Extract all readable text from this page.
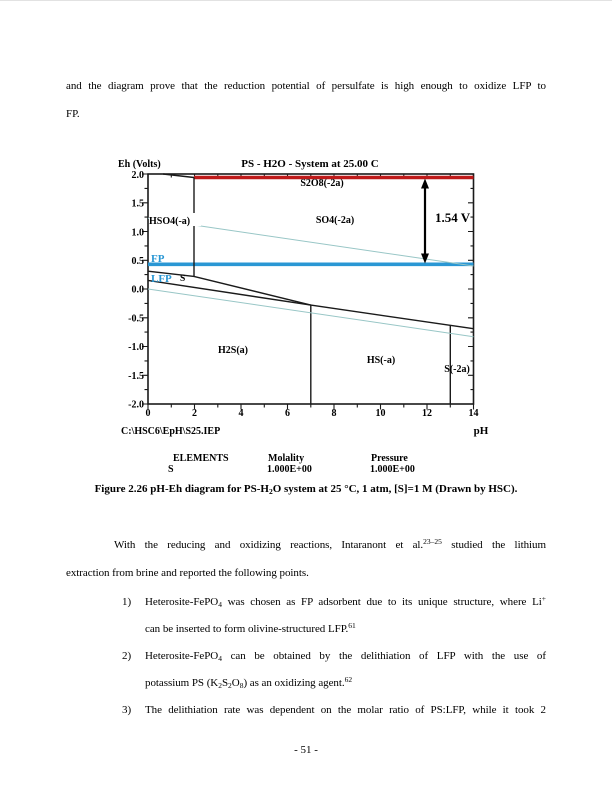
and the diagram prove that the reduction potential of persulfate is high enough to oxidize LFP to
FP.
Eh (Volts)	PS - H2O - System at 25.00 C
S2O8(-2a)
HSO4(-a)	SO4(-2a)	1.54 V
FP
LFP S
H2S(a)
HS(-a)
S(-2a)
0	2	4	6	8	10	12	14
2.0
1.5
1.0
0.5
0.0
-0.5
-1.0
-1.5
-2.0
C:\HSC6\EpH\S25.IEP	pH
ELEMENTS
S
Molality
1.000E+00
Pressure
1.000E+00
Figure 2.26 pH-Eh diagram for $PS-H_2O$ system at 25 °C, 1 atm, [S]=1 M (Drawn by HSC).
With the reducing and oxidizing reactions, Intaranont et al.$^{23-25}$ studied the lithium
extraction from brine and reported the following points.
1) Heterosite-FePO$_4$ was chosen as FP adsorbent due to its unique structure, where Li+
can be inserted to form olivine-structured LFP.$^{61}$
2) Heterosite-FePO$_4$ can be obtained by the delithiation of LFP with the use of
potassium PS $(K_2S_2O_8)$ as an oxidizing agent.$^{62}$
3) The delithiation rate was dependent on the molar ratio of PS:LFP, while it took 2
- 51 -
